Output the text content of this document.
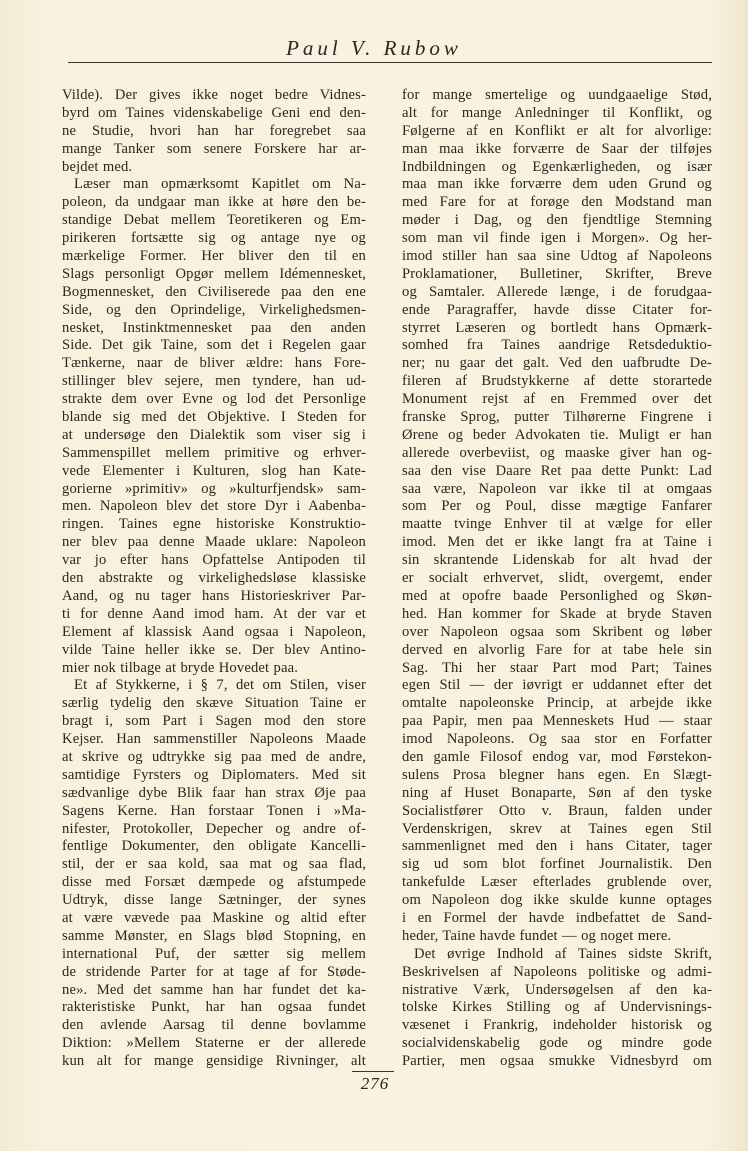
Paul V. Rubow
Vilde). Der gives ikke noget bedre Vidnes-
byrd om Taines videnskabelige Geni end den-
ne Studie, hvori han har foregrebet saa
mange Tanker som senere Forskere har ar-
bejdet med.
Læser man opmærksomt Kapitlet om Na-
poleon, da undgaar man ikke at høre den be-
standige Debat mellem Teoretikeren og Em-
pirikeren fortsætte sig og antage nye og
mærkelige Former. Her bliver den til en
Slags personligt Opgør mellem Idémennesket,
Bogmennesket, den Civiliserede paa den ene
Side, og den Oprindelige, Virkelighedsmen-
nesket, Instinktmennesket paa den anden
Side. Det gik Taine, som det i Regelen gaar
Tænkerne, naar de bliver ældre: hans Fore-
stillinger blev sejere, men tyndere, han ud-
strakte dem over Evne og lod det Personlige
blande sig med det Objektive. I Steden for
at undersøge den Dialektik som viser sig i
Sammenspillet mellem primitive og erhver-
vede Elementer i Kulturen, slog han Kate-
gorierne »primitiv» og »kulturfjendsk» sam-
men. Napoleon blev det store Dyr i Aabenba-
ringen. Taines egne historiske Konstruktio-
ner blev paa denne Maade uklare: Napoleon
var jo efter hans Opfattelse Antipoden til
den abstrakte og virkelighedsløse klassiske
Aand, og nu tager hans Historieskriver Par-
ti for denne Aand imod ham. At der var et
Element af klassisk Aand ogsaa i Napoleon,
vilde Taine heller ikke se. Der blev Antino-
mier nok tilbage at bryde Hovedet paa.
Et af Stykkerne, i § 7, det om Stilen, viser
særlig tydelig den skæve Situation Taine er
bragt i, som Part i Sagen mod den store
Kejser. Han sammenstiller Napoleons Maade
at skrive og udtrykke sig paa med de andre,
samtidige Fyrsters og Diplomaters. Med sit
sædvanlige dybe Blik faar han strax Øje paa
Sagens Kerne. Han forstaar Tonen i »Ma-
nifester, Protokoller, Depecher og andre of-
fentlige Dokumenter, den obligate Kancelli-
stil, der er saa kold, saa mat og saa flad,
disse med Forsæt dæmpede og afstumpede
Udtryk, disse lange Sætninger, der synes
at være vævede paa Maskine og altid efter
samme Mønster, en Slags blød Stopning, en
international Puf, der sætter sig mellem
de stridende Parter for at tage af for Støde-
ne». Med det samme han har fundet det ka-
rakteristiske Punkt, har han ogsaa fundet
den avlende Aarsag til denne bovlamme
Diktion: »Mellem Staterne er der allerede
kun alt for mange gensidige Rivninger, alt
for mange smertelige og uundgaaelige Stød,
alt for mange Anledninger til Konflikt, og
Følgerne af en Konflikt er alt for alvorlige:
man maa ikke forværre de Saar der tilføjes
Indbildningen og Egenkærligheden, og især
maa man ikke forværre dem uden Grund og
med Fare for at forøge den Modstand man
møder i Dag, og den fjendtlige Stemning
som man vil finde igen i Morgen». Og her-
imod stiller han saa sine Udtog af Napoleons
Proklamationer, Bulletiner, Skrifter, Breve
og Samtaler. Allerede længe, i de forudgaa-
ende Paragraffer, havde disse Citater for-
styrret Læseren og bortledt hans Opmærk-
somhed fra Taines aandrige Retsdeduktio-
ner; nu gaar det galt. Ved den uafbrudte De-
fileren af Brudstykkerne af dette storartede
Monument rejst af en Fremmed over det
franske Sprog, putter Tilhørerne Fingrene i
Ørene og beder Advokaten tie. Muligt er han
allerede overbeviist, og maaske giver han og-
saa den vise Daare Ret paa dette Punkt: Lad
saa være, Napoleon var ikke til at omgaas
som Per og Poul, disse mægtige Fanfarer
maatte tvinge Enhver til at vælge for eller
imod. Men det er ikke langt fra at Taine i
sin skrantende Lidenskab for alt hvad der
er socialt erhvervet, slidt, overgemt, ender
med at opofre baade Personlighed og Skøn-
hed. Han kommer for Skade at bryde Staven
over Napoleon ogsaa som Skribent og løber
derved en alvorlig Fare for at tabe hele sin
Sag. Thi her staar Part mod Part; Taines
egen Stil — der iøvrigt er uddannet efter det
omtalte napoleonske Princip, at arbejde ikke
paa Papir, men paa Menneskets Hud — staar
imod Napoleons. Og saa stor en Forfatter
den gamle Filosof endog var, mod Førstekon-
sulens Prosa blegner hans egen. En Slægt-
ning af Huset Bonaparte, Søn af den tyske
Socialistfører Otto v. Braun, falden under
Verdenskrigen, skrev at Taines egen Stil
sammenlignet med den i hans Citater, tager
sig ud som blot forfinet Journalistik. Den
tankefulde Læser efterlades grublende over,
om Napoleon dog ikke skulde kunne optages
i en Formel der havde indbefattet de Sand-
heder, Taine havde fundet — og noget mere.
Det øvrige Indhold af Taines sidste Skrift,
Beskrivelsen af Napoleons politiske og admi-
nistrative Værk, Undersøgelsen af den ka-
tolske Kirkes Stilling og af Undervisnings-
væsenet i Frankrig, indeholder historisk og
socialvidenskabelig gode og mindre gode
Partier, men ogsaa smukke Vidnesbyrd om
276
